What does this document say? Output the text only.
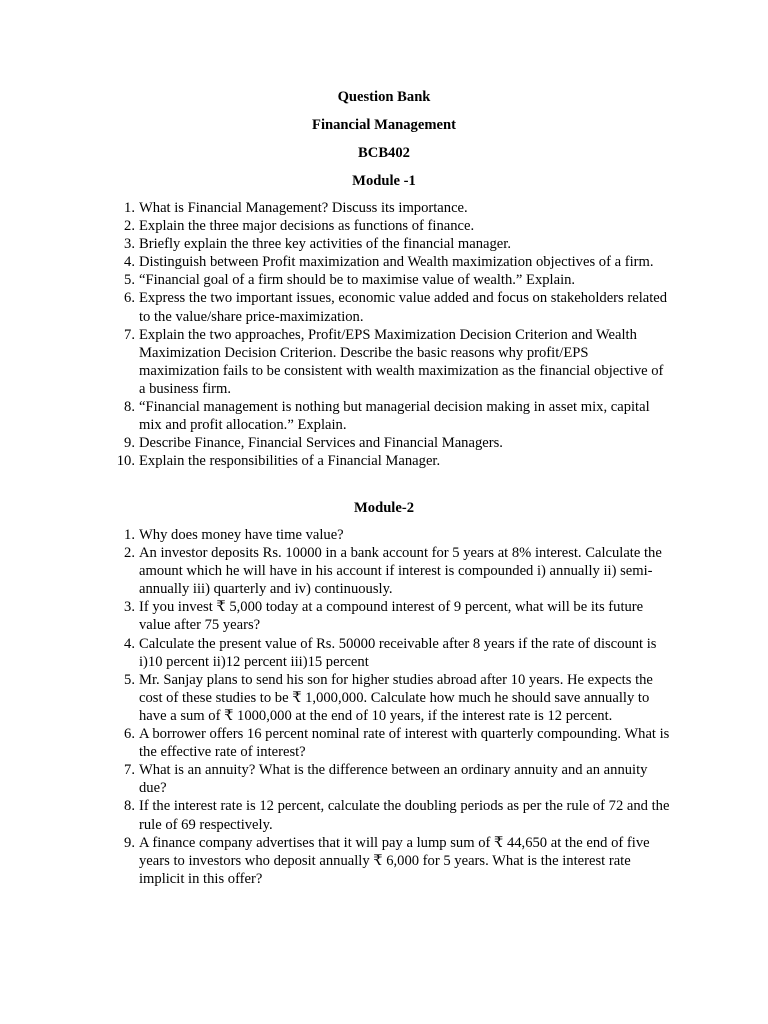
Question Bank
Financial Management
BCB402
Module -1
1. What is Financial Management? Discuss its importance.
2. Explain the three major decisions as functions of finance.
3. Briefly explain the three key activities of the financial manager.
4. Distinguish between Profit maximization and Wealth maximization objectives of a firm.
5. “Financial goal of a firm should be to maximise value of wealth.” Explain.
6. Express the two important issues, economic value added and focus on stakeholders related to the value/share price-maximization.
7. Explain the two approaches, Profit/EPS Maximization Decision Criterion and Wealth Maximization Decision Criterion. Describe the basic reasons why profit/EPS maximization fails to be consistent with wealth maximization as the financial objective of a business firm.
8. “Financial management is nothing but managerial decision making in asset mix, capital mix and profit allocation.” Explain.
9. Describe Finance, Financial Services and Financial Managers.
10. Explain the responsibilities of a Financial Manager.
Module-2
1. Why does money have time value?
2. An investor deposits Rs. 10000 in a bank account for 5 years at 8% interest. Calculate the amount which he will have in his account if interest is compounded i) annually ii) semi-annually iii) quarterly and iv) continuously.
3. If you invest ₹ 5,000 today at a compound interest of 9 percent, what will be its future value after 75 years?
4. Calculate the present value of Rs. 50000 receivable after 8 years if the rate of discount is i)10 percent ii)12 percent iii)15 percent
5. Mr. Sanjay plans to send his son for higher studies abroad after 10 years. He expects the cost of these studies to be ₹ 1,000,000. Calculate how much he should save annually to have a sum of ₹ 1000,000 at the end of 10 years, if the interest rate is 12 percent.
6. A borrower offers 16 percent nominal rate of interest with quarterly compounding. What is the effective rate of interest?
7. What is an annuity? What is the difference between an ordinary annuity and an annuity due?
8. If the interest rate is 12 percent, calculate the doubling periods as per the rule of 72 and the rule of 69 respectively.
9. A finance company advertises that it will pay a lump sum of ₹ 44,650 at the end of five years to investors who deposit annually ₹ 6,000 for 5 years. What is the interest rate implicit in this offer?
